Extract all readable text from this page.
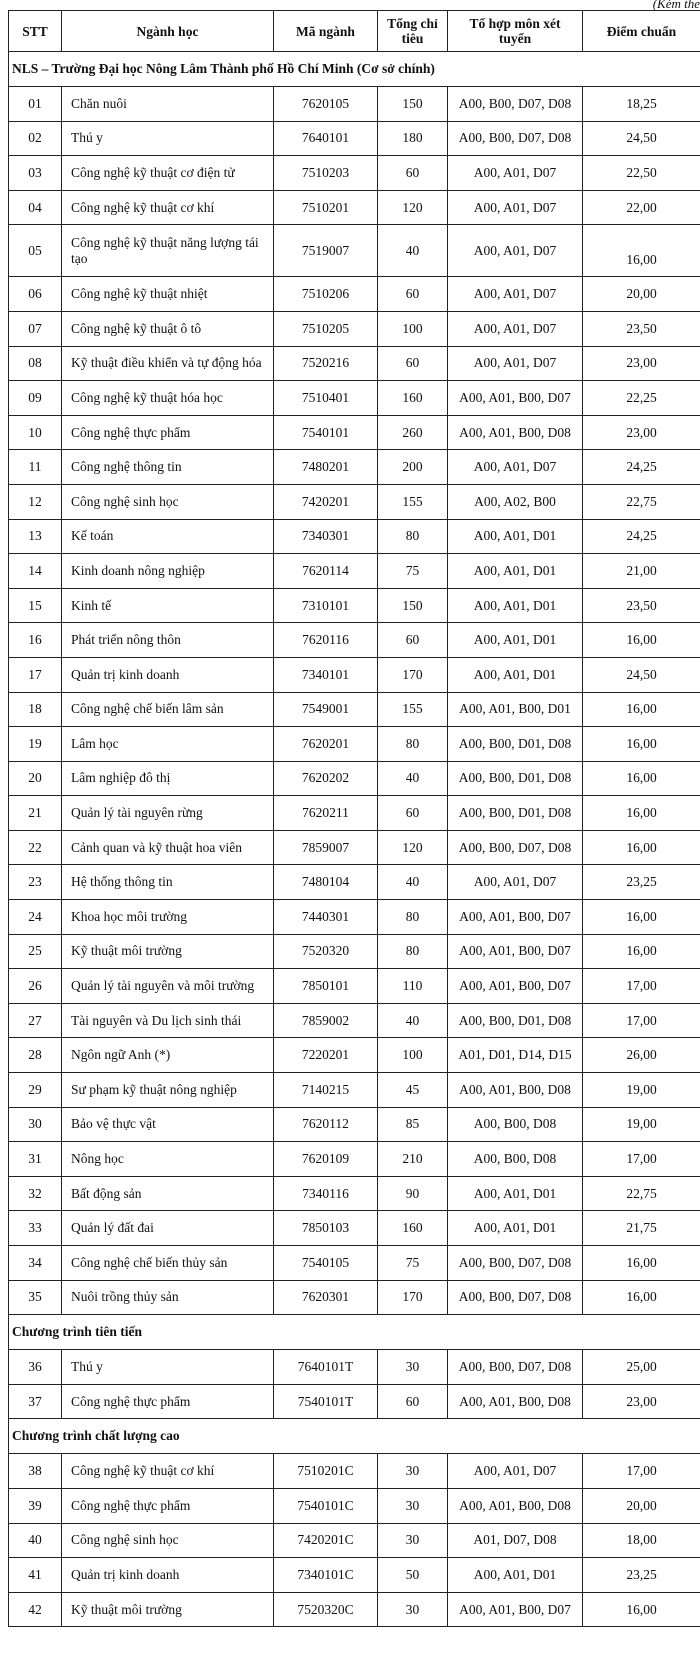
(Kèm the
STT	Ngành học	Mã ngành	Tổng chỉ tiêu	Tổ hợp môn xét tuyển	Điểm chuẩn
NLS – Trường Đại học Nông Lâm Thành phố Hồ Chí Minh (Cơ sở chính)					
01	Chăn nuôi	7620105	150	A00, B00, D07, D08	18,25
02	Thú y	7640101	180	A00, B00, D07, D08	24,50
03	Công nghệ kỹ thuật cơ điện tử	7510203	60	A00, A01, D07	22,50
04	Công nghệ kỹ thuật cơ khí	7510201	120	A00, A01, D07	22,00
05	Công nghệ kỹ thuật năng lượng tái tạo	7519007	40	A00, A01, D07	16,00
06	Công nghệ kỹ thuật nhiệt	7510206	60	A00, A01, D07	20,00
07	Công nghệ kỹ thuật ô tô	7510205	100	A00, A01, D07	23,50
08	Kỹ thuật điều khiển và tự động hóa	7520216	60	A00, A01, D07	23,00
09	Công nghệ kỹ thuật hóa học	7510401	160	A00, A01, B00, D07	22,25
10	Công nghệ thực phẩm	7540101	260	A00, A01, B00, D08	23,00
11	Công nghệ thông tin	7480201	200	A00, A01, D07	24,25
12	Công nghệ sinh học	7420201	155	A00, A02, B00	22,75
13	Kế toán	7340301	80	A00, A01, D01	24,25
14	Kinh doanh nông nghiệp	7620114	75	A00, A01, D01	21,00
15	Kinh tế	7310101	150	A00, A01, D01	23,50
16	Phát triển nông thôn	7620116	60	A00, A01, D01	16,00
17	Quản trị kinh doanh	7340101	170	A00, A01, D01	24,50
18	Công nghệ chế biến lâm sản	7549001	155	A00, A01, B00, D01	16,00
19	Lâm học	7620201	80	A00, B00, D01, D08	16,00
20	Lâm nghiệp đô thị	7620202	40	A00, B00, D01, D08	16,00
21	Quản lý tài nguyên rừng	7620211	60	A00, B00, D01, D08	16,00
22	Cảnh quan và kỹ thuật hoa viên	7859007	120	A00, B00, D07, D08	16,00
23	Hệ thống thông tin	7480104	40	A00, A01, D07	23,25
24	Khoa học môi trường	7440301	80	A00, A01, B00, D07	16,00
25	Kỹ thuật môi trường	7520320	80	A00, A01, B00, D07	16,00
26	Quản lý tài nguyên và môi trường	7850101	110	A00, A01, B00, D07	17,00
27	Tài nguyên và Du lịch sinh thái	7859002	40	A00, B00, D01, D08	17,00
28	Ngôn ngữ Anh (*)	7220201	100	A01, D01, D14, D15	26,00
29	Sư phạm kỹ thuật nông nghiệp	7140215	45	A00, A01, B00, D08	19,00
30	Bảo vệ thực vật	7620112	85	A00, B00, D08	19,00
31	Nông học	7620109	210	A00, B00, D08	17,00
32	Bất động sản	7340116	90	A00, A01, D01	22,75
33	Quản lý đất đai	7850103	160	A00, A01, D01	21,75
34	Công nghệ chế biến thủy sản	7540105	75	A00, B00, D07, D08	16,00
35	Nuôi trồng thủy sản	7620301	170	A00, B00, D07, D08	16,00
Chương trình tiên tiến					
36	Thú y	7640101T	30	A00, B00, D07, D08	25,00
37	Công nghệ thực phẩm	7540101T	60	A00, A01, B00, D08	23,00
Chương trình chất lượng cao					
38	Công nghệ kỹ thuật cơ khí	7510201C	30	A00, A01, D07	17,00
39	Công nghệ thực phẩm	7540101C	30	A00, A01, B00, D08	20,00
40	Công nghệ sinh học	7420201C	30	A01, D07, D08	18,00
41	Quản trị kinh doanh	7340101C	50	A00, A01, D01	23,25
42	Kỹ thuật môi trường	7520320C	30	A00, A01, B00, D07	16,00
